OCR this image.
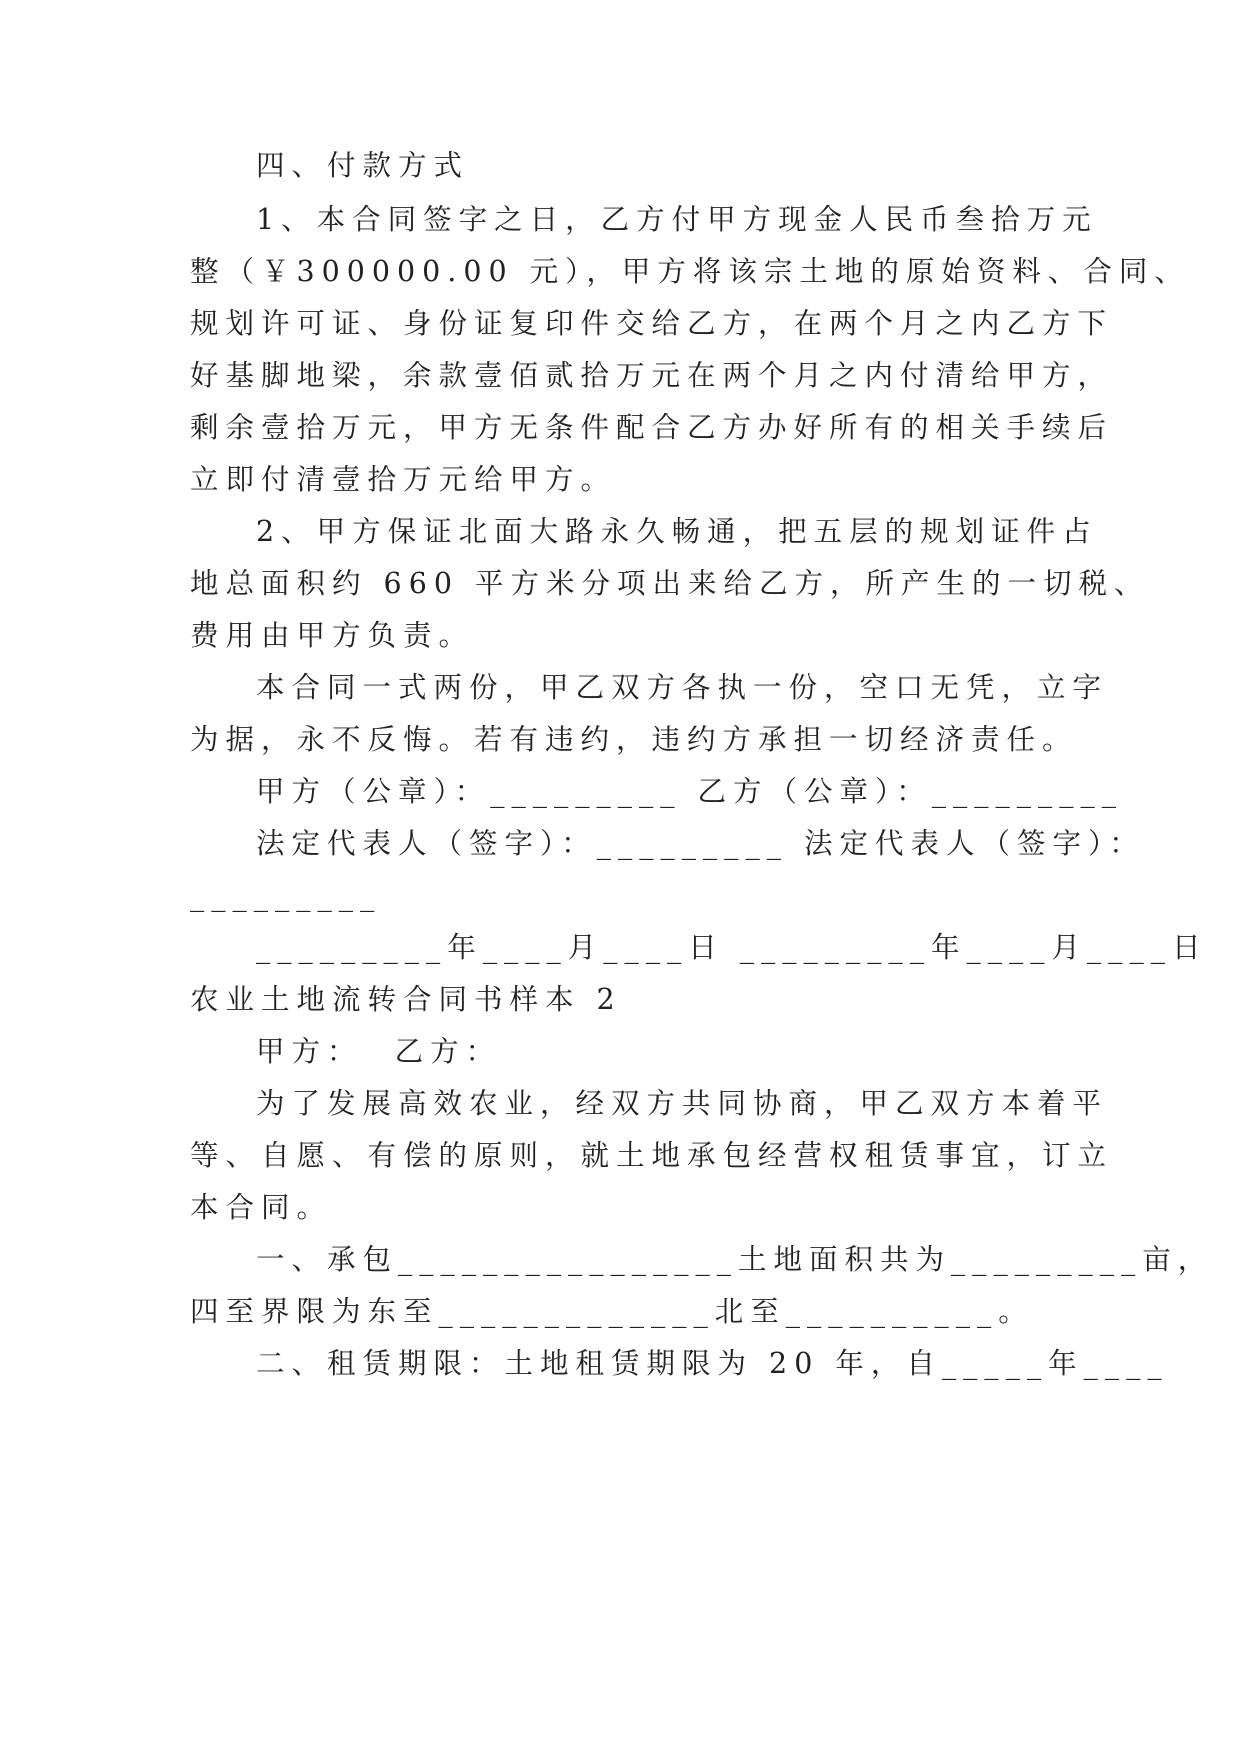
四、付款方式
1、本合同签字之日，乙方付甲方现金人民币叁拾万元
整（￥300000.00 元），甲方将该宗土地的原始资料、合同、
规划许可证、身份证复印件交给乙方，在两个月之内乙方下
好基脚地梁，余款壹佰贰拾万元在两个月之内付清给甲方，
剩余壹拾万元，甲方无条件配合乙方办好所有的相关手续后
立即付清壹拾万元给甲方。
2、甲方保证北面大路永久畅通，把五层的规划证件占
地总面积约 660 平方米分项出来给乙方，所产生的一切税、
费用由甲方负责。
本合同一式两份，甲乙双方各执一份，空口无凭，立字
为据，永不反悔。若有违约，违约方承担一切经济责任。
甲方（公章）：_________ 乙方（公章）：_________
法定代表人（签字）：_________ 法定代表人（签字）：
_________
_________年____月____日 _________年____月____日
农业土地流转合同书样本 2
甲方：  乙方：
为了发展高效农业，经双方共同协商，甲乙双方本着平
等、自愿、有偿的原则，就土地承包经营权租赁事宜，订立
本合同。
一、承包________________土地面积共为_________亩，
四至界限为东至_____________北至__________。
二、租赁期限：土地租赁期限为 20 年，自_____年____
